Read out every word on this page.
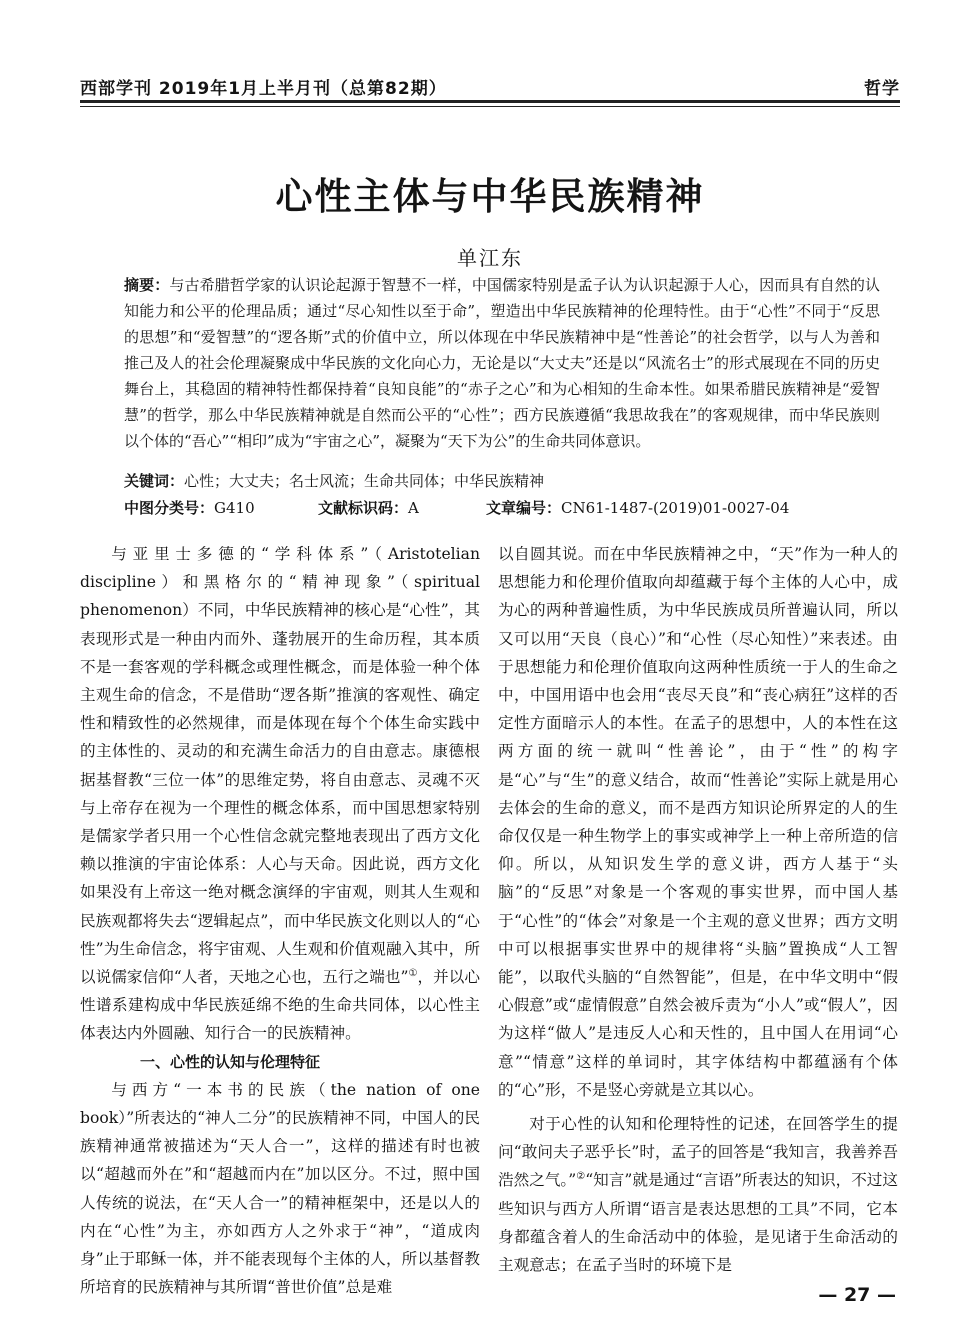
西部学刊 2019年1月上半月刊（总第82期）	哲学
心性主体与中华民族精神
单江东
摘要：与古希腊哲学家的认识论起源于智慧不一样，中国儒家特别是孟子认为认识起源于人心，因而具有自然的认知能力和公平的伦理品质；通过“尽心知性以至于命”，塑造出中华民族精神的伦理特性。由于“心性”不同于“反思的思想”和“爱智慧”的“逻各斯”式的价值中立，所以体现在中华民族精神中是“性善论”的社会哲学，以与人为善和推己及人的社会伦理凝聚成中华民族的文化向心力，无论是以“大丈夫”还是以“风流名士”的形式展现在不同的历史舞台上，其稳固的精神特性都保持着“良知良能”的“赤子之心”和为心相知的生命本性。如果希腊民族精神是“爱智慧”的哲学，那么中华民族精神就是自然而公平的“心性”；西方民族遵循“我思故我在”的客观规律，而中华民族则以个体的“吾心”“相印”成为“宇宙之心”，凝聚为“天下为公”的生命共同体意识。
关键词：心性；大丈夫；名士风流；生命共同体；中华民族精神
中图分类号：G410	文献标识码：A	文章编号：CN61-1487-(2019)01-0027-04

与亚里士多德的“学科体系”（Aristotelian discipline）和黑格尔的“精神现象”（spiritual phenomenon）不同，中华民族精神的核心是“心性”，其表现形式是一种由内而外、蓬勃展开的生命历程，其本质不是一套客观的学科概念或理性概念，而是体验一种个体主观生命的信念，不是借助“逻各斯”推演的客观性、确定性和精致性的必然规律，而是体现在每个个体生命实践中的主体性的、灵动的和充满生命活力的自由意志。康德根据基督教“三位一体”的思维定势，将自由意志、灵魂不灭与上帝存在视为一个理性的概念体系，而中国思想家特别是儒家学者只用一个心性信念就完整地表现出了西方文化赖以推演的宇宙论体系：人心与天命。因此说，西方文化如果没有上帝这一绝对概念演绎的宇宙观，则其人生观和民族观都将失去“逻辑起点”，而中华民族文化则以人的“心性”为生命信念，将宇宙观、人生观和价值观融入其中，所以说儒家信仰“人者，天地之心也，五行之端也”①，并以心性谱系建构成中华民族延绵不绝的生命共同体，以心性主体表达内外圆融、知行合一的民族精神。

一、心性的认知与伦理特征

与西方“一本书的民族（the nation of one book）”所表达的“神人二分”的民族精神不同，中国人的民族精神通常被描述为“天人合一”，这样的描述有时也被以“超越而外在”和“超越而内在”加以区分。不过，照中国人传统的说法，在“天人合一”的精神框架中，还是以人的内在“心性”为主，亦如西方人之外求于“神”，“道成肉身”止于耶稣一体，并不能表现每个主体的人，所以基督教所培育的民族精神与其所谓“普世价值”总是难

以自圆其说。而在中华民族精神之中，“天”作为一种人的思想能力和伦理价值取向却蕴藏于每个主体的人心中，成为心的两种普遍性质，为中华民族成员所普遍认同，所以又可以用“天良（良心）”和“心性（尽心知性）”来表述。由于思想能力和伦理价值取向这两种性质统一于人的生命之中，中国用语中也会用“丧尽天良”和“丧心病狂”这样的否定性方面暗示人的本性。在孟子的思想中，人的本性在这两方面的统一就叫“性善论”，由于“性”的构字是“心”与“生”的意义结合，故而“性善论”实际上就是用心去体会的生命的意义，而不是西方知识论所界定的人的生命仅仅是一种生物学上的事实或神学上一种上帝所造的信仰。所以，从知识发生学的意义讲，西方人基于“头脑”的“反思”对象是一个客观的事实世界，而中国人基于“心性”的“体会”对象是一个主观的意义世界；西方文明中可以根据事实世界中的规律将“头脑”置换成“人工智能”，以取代头脑的“自然智能”，但是，在中华文明中“假心假意”或“虚情假意”自然会被斥责为“小人”或“假人”，因为这样“做人”是违反人心和天性的，且中国人在用词“心意”“情意”这样的单词时，其字体结构中都蕴涵有个体的“心”形，不是竖心旁就是立其以心。

对于心性的认知和伦理特性的记述，在回答学生的提问“敢问夫子恶乎长”时，孟子的回答是“我知言，我善养吾浩然之气。”②“知言”就是通过“言语”所表达的知识，不过这些知识与西方人所谓“语言是表达思想的工具”不同，它本身都蕴含着人的生命活动中的体验，是见诸于生命活动的主观意志；在孟子当时的环境下是

— 27 —
